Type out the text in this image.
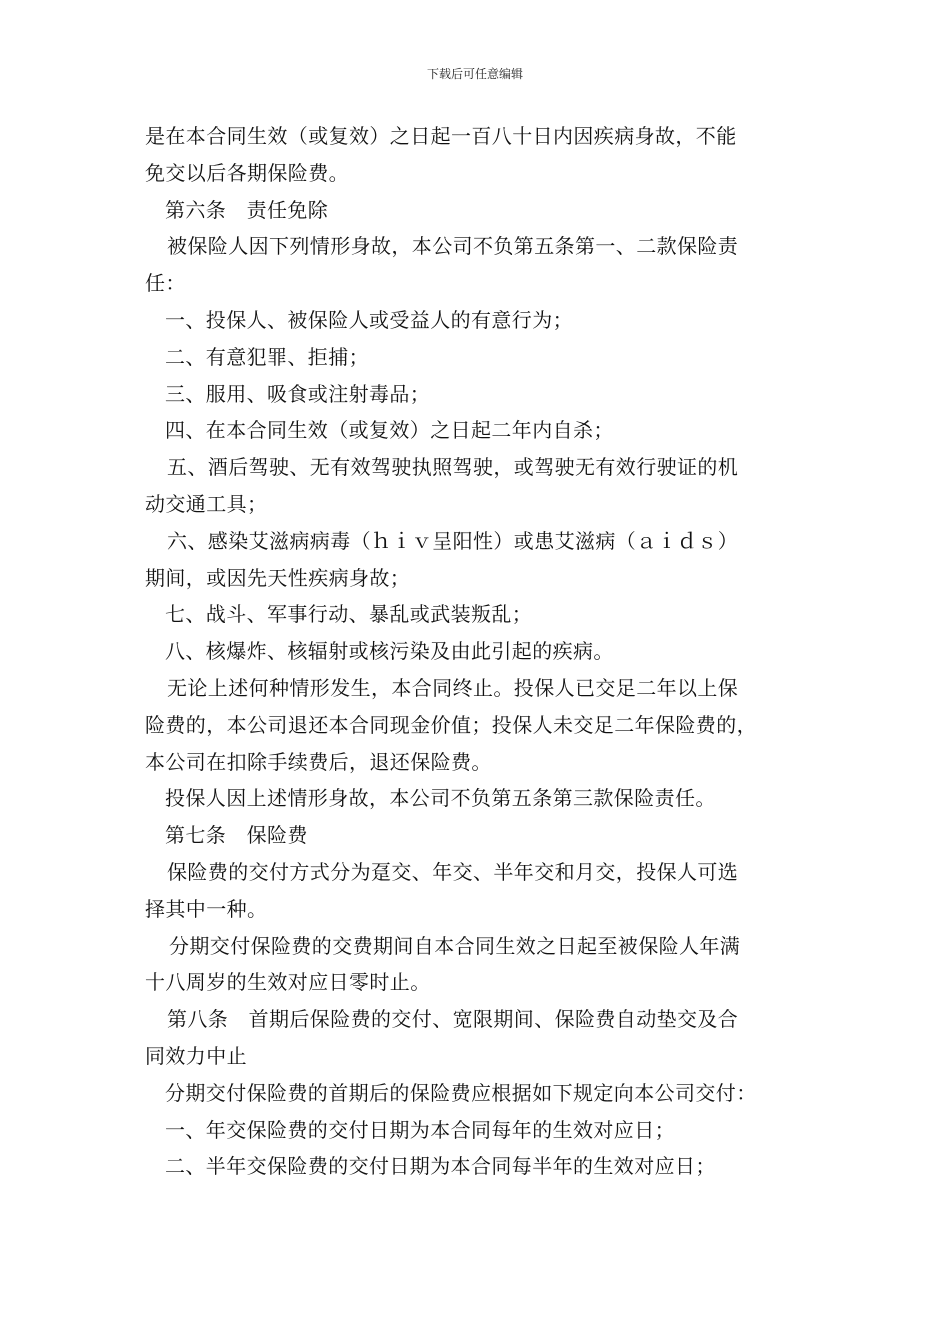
下载后可任意编辑
是在本合同生效（或复效）之日起一百八十日内因疾病身故，不能
免交以后各期保险费。
第六条　责任免除
被保险人因下列情形身故，本公司不负第五条第一、二款保险责
任：
一、投保人、被保险人或受益人的有意行为；
二、有意犯罪、拒捕；
三、服用、吸食或注射毒品；
四、在本合同生效（或复效）之日起二年内自杀；
五、酒后驾驶、无有效驾驶执照驾驶，或驾驶无有效行驶证的机
动交通工具；
六、感染艾滋病病毒（ｈｉｖ呈阳性）或患艾滋病（ａｉｄｓ）
期间，或因先天性疾病身故；
七、战斗、军事行动、暴乱或武装叛乱；
八、核爆炸、核辐射或核污染及由此引起的疾病。
无论上述何种情形发生，本合同终止。投保人已交足二年以上保
险费的，本公司退还本合同现金价值；投保人未交足二年保险费的，
本公司在扣除手续费后，退还保险费。
投保人因上述情形身故，本公司不负第五条第三款保险责任。
第七条　保险费
保险费的交付方式分为趸交、年交、半年交和月交，投保人可选
择其中一种。
分期交付保险费的交费期间自本合同生效之日起至被保险人年满
十八周岁的生效对应日零时止。
第八条　首期后保险费的交付、宽限期间、保险费自动垫交及合
同效力中止
分期交付保险费的首期后的保险费应根据如下规定向本公司交付：
一、年交保险费的交付日期为本合同每年的生效对应日；
二、半年交保险费的交付日期为本合同每半年的生效对应日；
